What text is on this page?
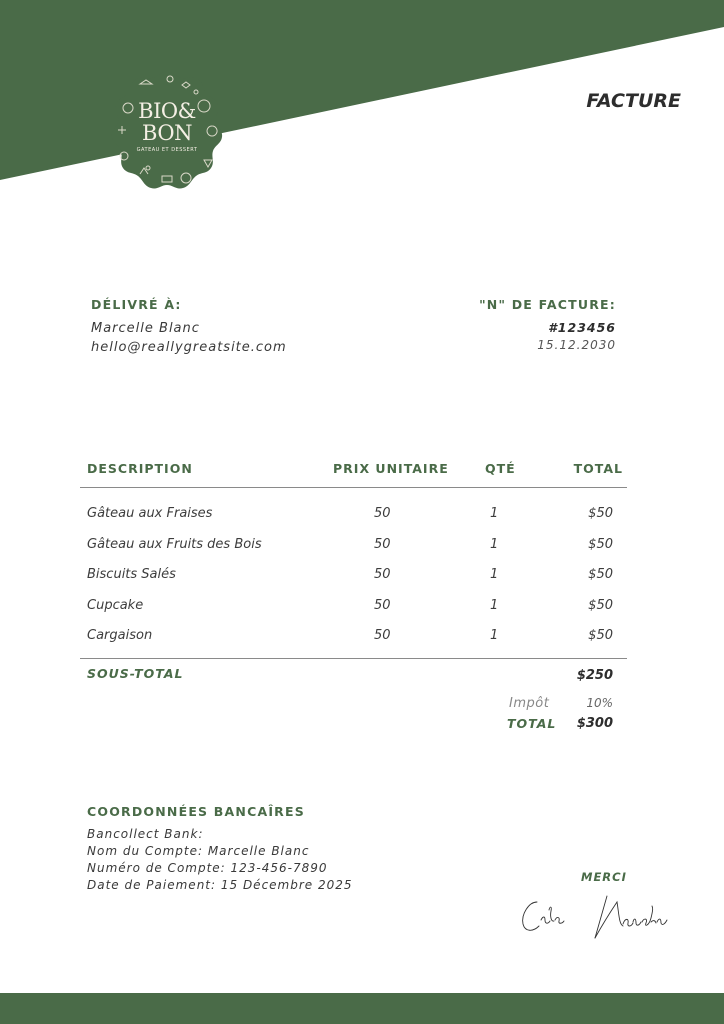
BIO&
BON
GATEAU ET DESSERT
FACTURE
DÉLIVRÉ À:
Marcelle Blanc
hello@reallygreatsite.com
"N" DE FACTURE:
#123456
15.12.2030
DESCRIPTION	PRIX UNITAIRE	QTÉ	TOTAL
Gâteau aux Fraises	50	1	$50
Gâteau aux Fruits des Bois	50	1	$50
Biscuits Salés	50	1	$50
Cupcake	50	1	$50
Cargaison	50	1	$50
SOUS-TOTAL	$250
Impôt	10%
TOTAL $300
COORDONNÉES BANCAÎRES
Bancollect Bank:
Nom du Compte: Marcelle Blanc
Numéro de Compte: 123-456-7890
Date de Paiement: 15 Décembre 2025
MERCI
Célia Naudin
